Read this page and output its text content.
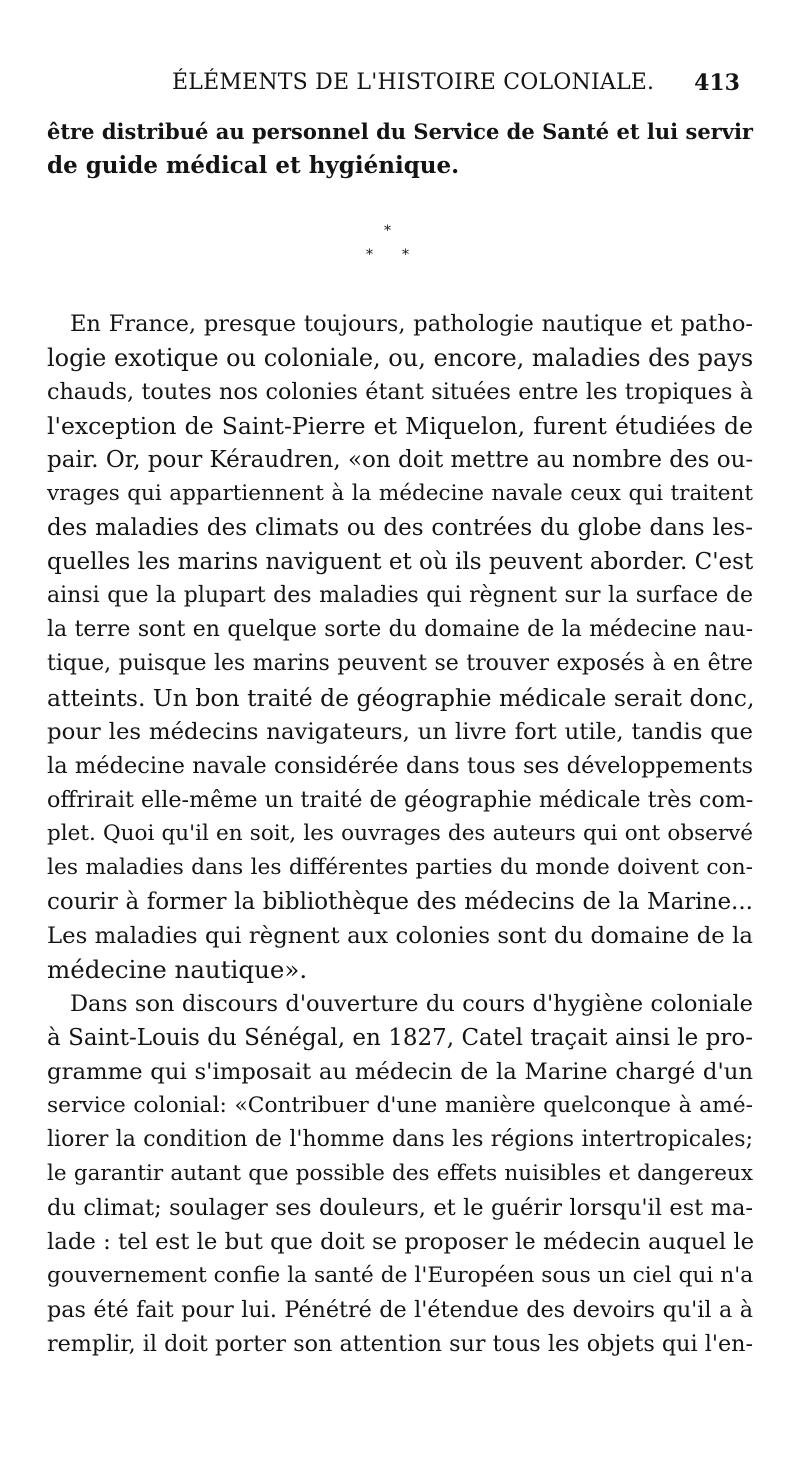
ÉLÉMENTS DE L'HISTOIRE COLONIALE. 413
être distribué au personnel du Service de Santé et lui servir
de guide médical et hygiénique.
*
* *
En France, presque toujours, pathologie nautique et patho-
logie exotique ou coloniale, ou, encore, maladies des pays
chauds, toutes nos colonies étant situées entre les tropiques à
l'exception de Saint-Pierre et Miquelon, furent étudiées de
pair. Or, pour Kéraudren, «on doit mettre au nombre des ou-
vrages qui appartiennent à la médecine navale ceux qui traitent
des maladies des climats ou des contrées du globe dans les-
quelles les marins naviguent et où ils peuvent aborder. C'est
ainsi que la plupart des maladies qui règnent sur la surface de
la terre sont en quelque sorte du domaine de la médecine nau-
tique, puisque les marins peuvent se trouver exposés à en être
atteints. Un bon traité de géographie médicale serait donc,
pour les médecins navigateurs, un livre fort utile, tandis que
la médecine navale considérée dans tous ses développements
offrirait elle-même un traité de géographie médicale très com-
plet. Quoi qu'il en soit, les ouvrages des auteurs qui ont observé
les maladies dans les différentes parties du monde doivent con-
courir à former la bibliothèque des médecins de la Marine...
Les maladies qui règnent aux colonies sont du domaine de la
médecine nautique».
Dans son discours d'ouverture du cours d'hygiène coloniale
à Saint-Louis du Sénégal, en 1827, Catel traçait ainsi le pro-
gramme qui s'imposait au médecin de la Marine chargé d'un
service colonial: «Contribuer d'une manière quelconque à amé-
liorer la condition de l'homme dans les régions intertropicales;
le garantir autant que possible des effets nuisibles et dangereux
du climat; soulager ses douleurs, et le guérir lorsqu'il est ma-
lade : tel est le but que doit se proposer le médecin auquel le
gouvernement confie la santé de l'Européen sous un ciel qui n'a
pas été fait pour lui. Pénétré de l'étendue des devoirs qu'il a à
remplir, il doit porter son attention sur tous les objets qui l'en-
